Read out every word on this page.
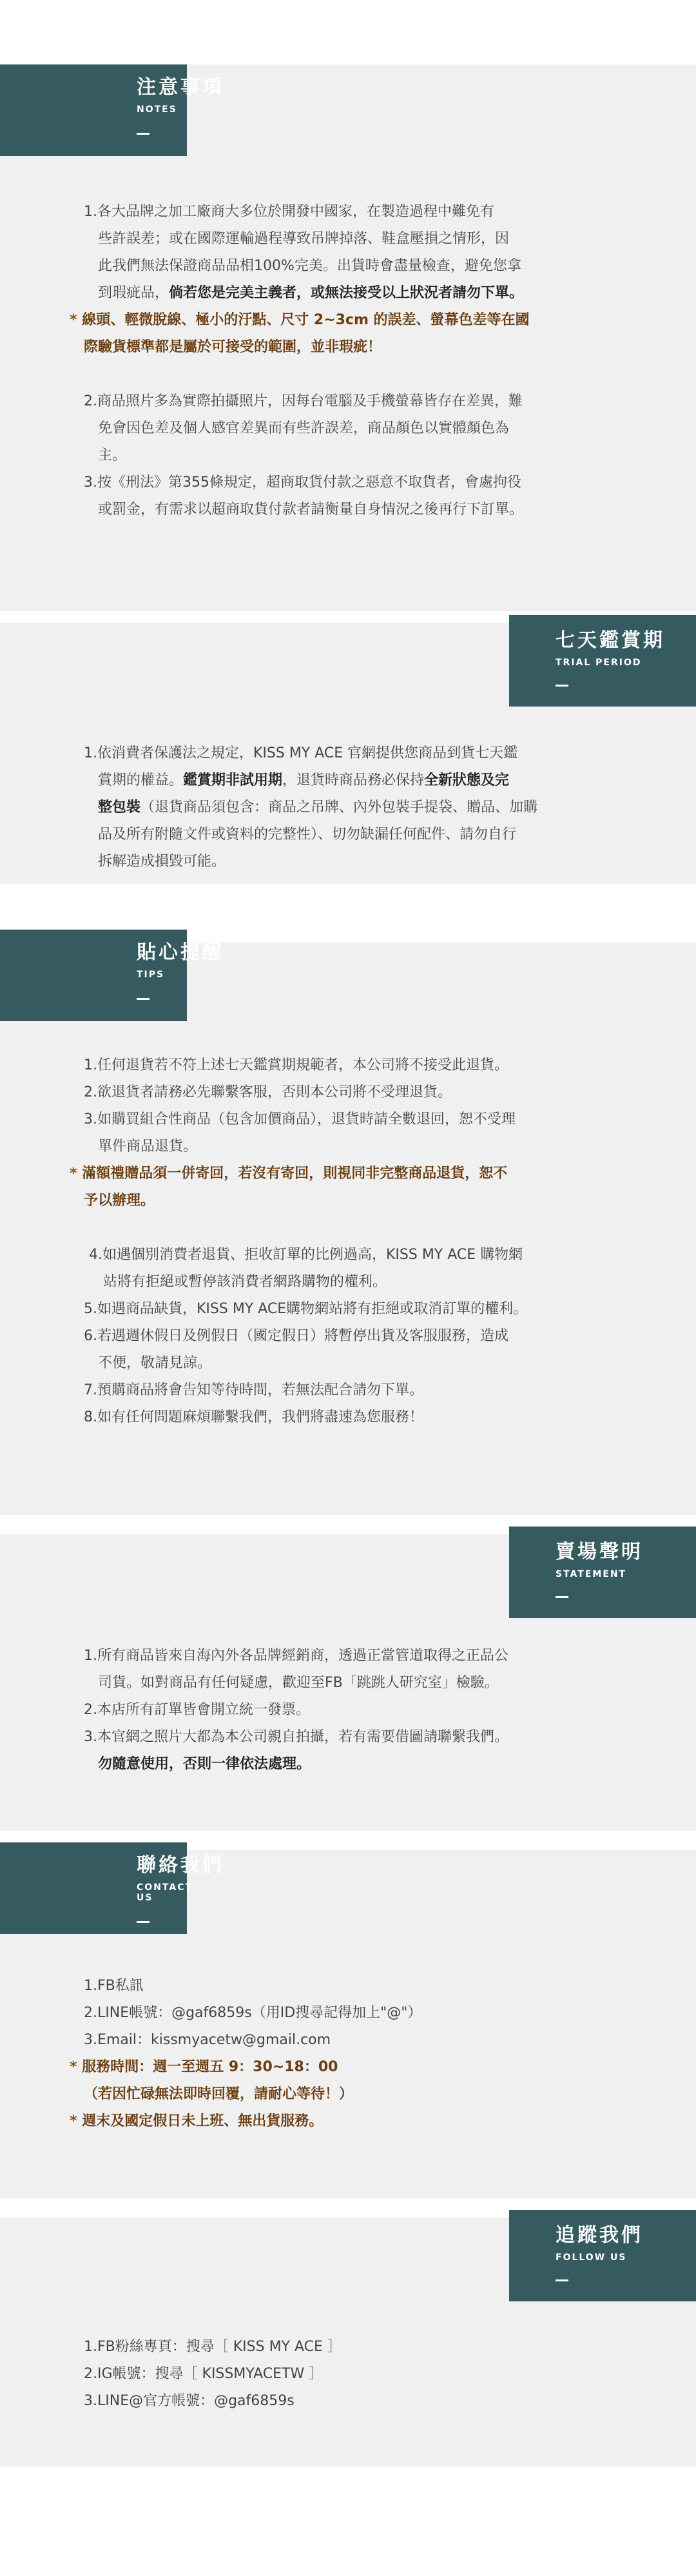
注意事項
NOTES

1.各大品牌之加工廠商大多位於開發中國家，在製造過程中難免有

些許誤差；或在國際運輸過程導致吊牌掉落、鞋盒壓損之情形，因

此我們無法保證商品品相100%完美。出貨時會盡量檢查，避免您拿

到瑕疵品，倘若您是完美主義者，或無法接受以上狀況者請勿下單。

* 線頭、輕微脫線、極小的汙點、尺寸 2~3cm 的誤差、螢幕色差等在國

際驗貨標準都是屬於可接受的範圍，並非瑕疵！

2.商品照片多為實際拍攝照片，因每台電腦及手機螢幕皆存在差異，難

免會因色差及個人感官差異而有些許誤差，商品顏色以實體顏色為

主。

3.按《刑法》第355條規定，超商取貨付款之惡意不取貨者，會處拘役

或罰金，有需求以超商取貨付款者請衡量自身情況之後再行下訂單。

七天鑑賞期
TRIAL PERIOD

1.依消費者保護法之規定，KISS MY ACE 官網提供您商品到貨七天鑑

賞期的權益。鑑賞期非試用期，退貨時商品務必保持全新狀態及完

整包裝（退貨商品須包含：商品之吊牌、內外包裝手提袋、贈品、加購

品及所有附隨文件或資料的完整性）、切勿缺漏任何配件、請勿自行

拆解造成損毀可能。

貼心提醒
TIPS

1.任何退貨若不符上述七天鑑賞期規範者，本公司將不接受此退貨。

2.欲退貨者請務必先聯繫客服，否則本公司將不受理退貨。

3.如購買組合性商品（包含加價商品），退貨時請全數退回，恕不受理

單件商品退貨。

* 滿額禮贈品須一併寄回，若沒有寄回，則視同非完整商品退貨，恕不

予以辦理。

4.如遇個別消費者退貨、拒收訂單的比例過高，KISS MY ACE 購物網

站將有拒絕或暫停該消費者網路購物的權利。

5.如遇商品缺貨，KISS MY ACE購物網站將有拒絕或取消訂單的權利。

6.若遇週休假日及例假日（國定假日）將暫停出貨及客服服務，造成

不便，敬請見諒。

7.預購商品將會告知等待時間，若無法配合請勿下單。

8.如有任何問題麻煩聯繫我們，我們將盡速為您服務！

賣場聲明
STATEMENT

1.所有商品皆來自海內外各品牌經銷商，透過正當管道取得之正品公

司貨。如對商品有任何疑慮，歡迎至FB「跳跳人研究室」檢驗。

2.本店所有訂單皆會開立統一發票。

3.本官網之照片大都為本公司親自拍攝，若有需要借圖請聯繫我們。

勿隨意使用，否則一律依法處理。

聯絡我們
CONTACT US

1.FB私訊

2.LINE帳號：@gaf6859s（用ID搜尋記得加上"@"）

3.Email：kissmyacetw@gmail.com

* 服務時間：週一至週五 9：30~18：00

（若因忙碌無法即時回覆，請耐心等待！）

* 週末及國定假日未上班、無出貨服務。

追蹤我們
FOLLOW US

1.FB粉絲專頁：搜尋［ KISS MY ACE ］

2.IG帳號：搜尋［ KISSMYACETW ］

3.LINE@官方帳號：@gaf6859s
